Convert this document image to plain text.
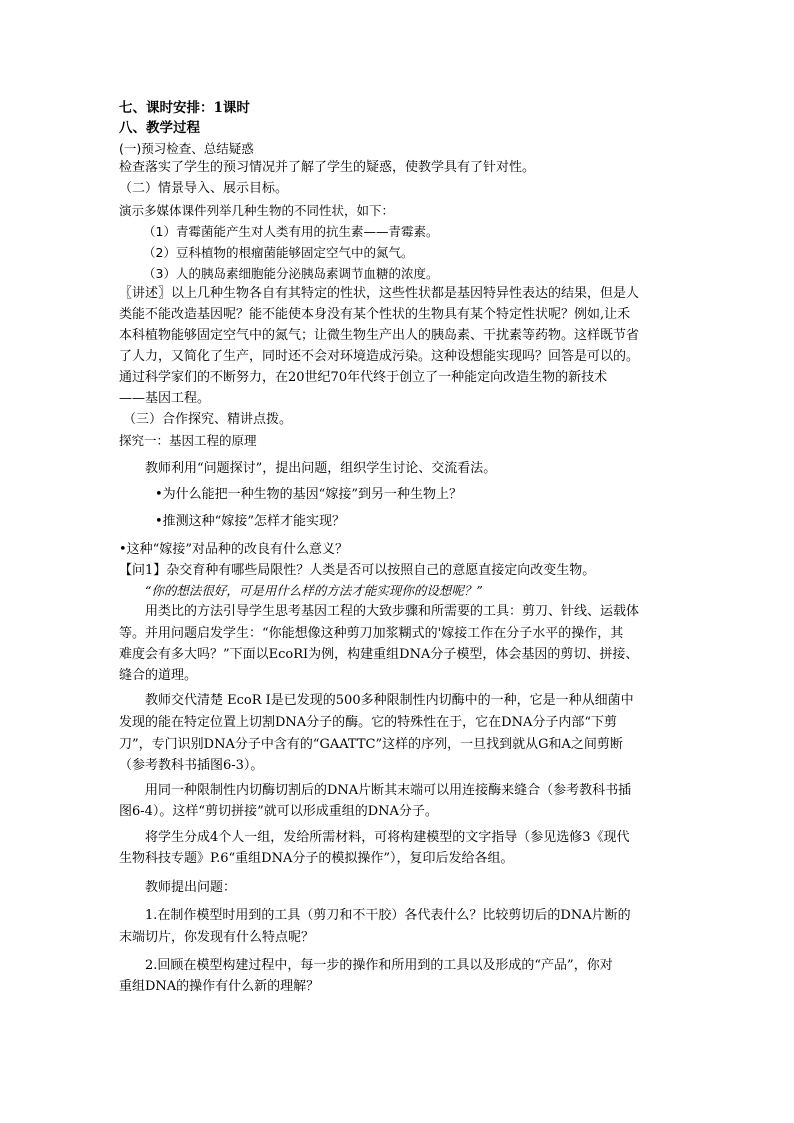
七、课时安排：1课时

八、教学过程

(一)预习检查、总结疑惑

检查落实了学生的预习情况并了解了学生的疑惑，使教学具有了针对性。

（二）情景导入、展示目标。

演示多媒体课件列举几种生物的不同性状，如下：

（1）青霉菌能产生对人类有用的抗生素——青霉素。

（2）豆科植物的根瘤菌能够固定空气中的氮气。

（3）人的胰岛素细胞能分泌胰岛素调节血糖的浓度。

〖讲述〗以上几种生物各自有其特定的性状，这些性状都是基因特异性表达的结果，但是人

类能不能改造基因呢？能不能使本身没有某个性状的生物具有某个特定性状呢？例如,让禾

本科植物能够固定空气中的氮气；让微生物生产出人的胰岛素、干扰素等药物。这样既节省

了人力，又简化了生产，同时还不会对环境造成污染。这种设想能实现吗？回答是可以的。

通过科学家们的不断努力，在20世纪70年代终于创立了一种能定向改造生物的新技术

——基因工程。

（三）合作探究、精讲点拨。

探究一：基因工程的原理

教师利用“问题探讨”，提出问题，组织学生讨论、交流看法。

•为什么能把一种生物的基因“嫁接”到另一种生物上？

•推测这种“嫁接”怎样才能实现？

•这种“嫁接”对品种的改良有什么意义？

【问1】杂交育种有哪些局限性？人类是否可以按照自己的意愿直接定向改变生物。

“你的想法很好，可是用什么样的方法才能实现你的设想呢？”

用类比的方法引导学生思考基因工程的大致步骤和所需要的工具：剪刀、针线、运载体

等。并用问题启发学生：“你能想像这种剪刀加浆糊式的'嫁接工作在分子水平的操作，其

难度会有多大吗？”下面以EcoRI为例，构建重组DNA分子模型，体会基因的剪切、拼接、

缝合的道理。

教师交代清楚 EcoR I是已发现的500多种限制性内切酶中的一种，它是一种从细菌中

发现的能在特定位置上切割DNA分子的酶。它的特殊性在于，它在DNA分子内部“下剪

刀”，专门识别DNA分子中含有的“GAATTC”这样的序列，一旦找到就从G和A之间剪断

（参考教科书插图6-3）。

用同一种限制性内切酶切割后的DNA片断其末端可以用连接酶来缝合（参考教科书插

图6-4）。这样“剪切拼接”就可以形成重组的DNA分子。

将学生分成4个人一组，发给所需材料，可将构建模型的文字指导（参见选修3《现代

生物科技专题》P.6“重组DNA分子的模拟操作”），复印后发给各组。

教师提出问题：

1.在制作模型时用到的工具（剪刀和不干胶）各代表什么？比较剪切后的DNA片断的

末端切片，你发现有什么特点呢？

2.回顾在模型构建过程中，每一步的操作和所用到的工具以及形成的“产品”，你对

重组DNA的操作有什么新的理解？
